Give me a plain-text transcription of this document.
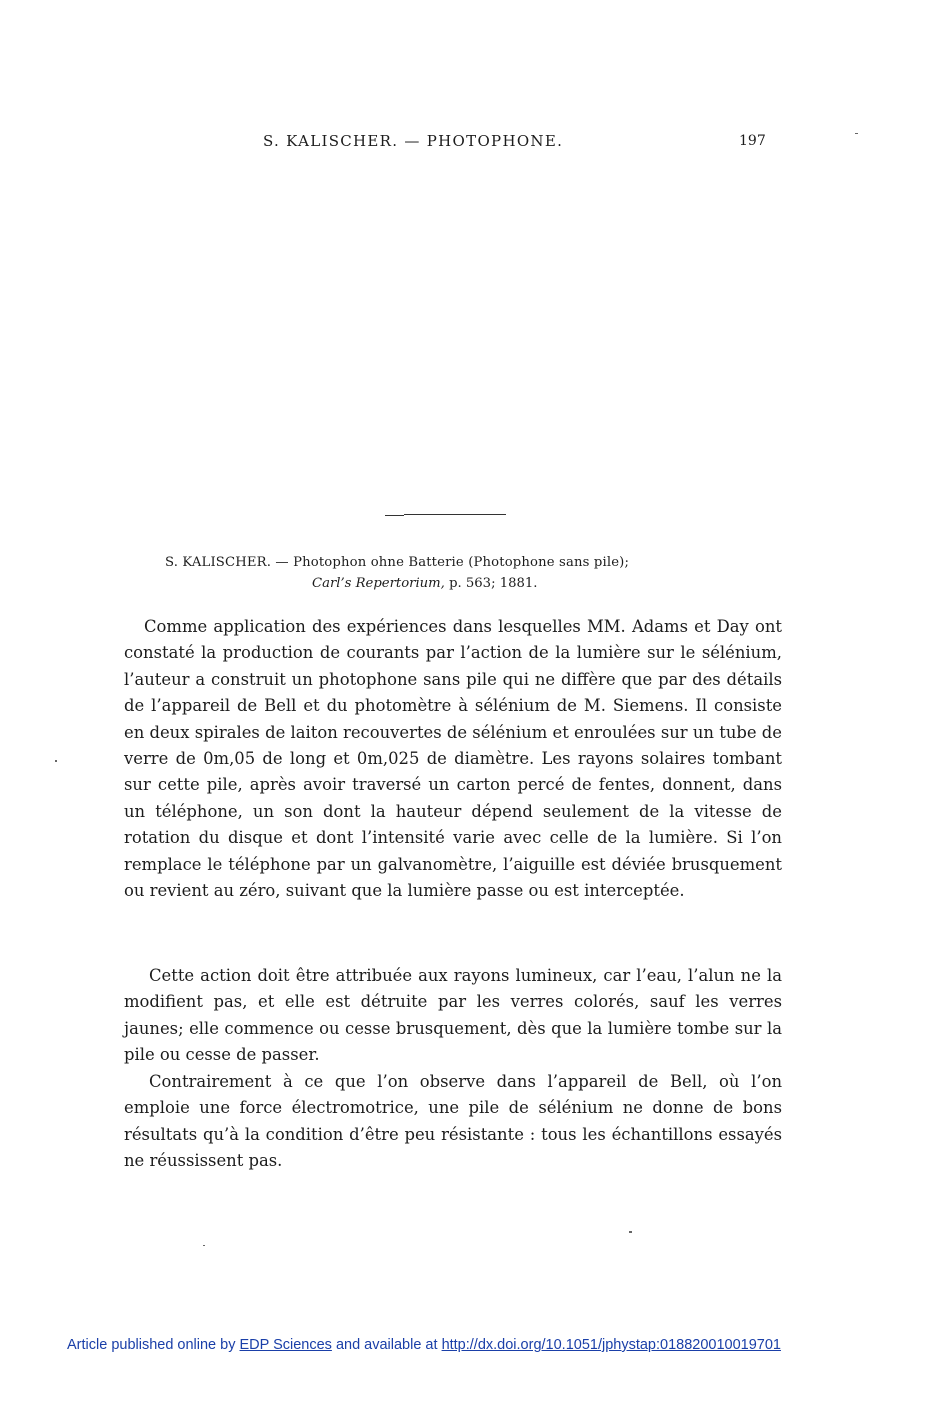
S. KALISCHER. — PHOTOPHONE.	197
S. KALISCHER. — Photophon ohne Batterie (Photophone sans pile);
Carl’s Repertorium, p. 563; 1881.

Comme application des expériences dans lesquelles MM. Adams et Day ont constaté la production de courants par l’action de la lumière sur le sélénium, l’auteur a construit un photophone sans pile qui ne diffère que par des détails de l’appareil de Bell et du photomètre à sélénium de M. Siemens. Il consiste en deux spirales de laiton recouvertes de sélénium et enroulées sur un tube de verre de 0m,05 de long et 0m,025 de diamètre. Les rayons solaires tombant sur cette pile, après avoir traversé un carton percé de fentes, donnent, dans un téléphone, un son dont la hauteur dépend seulement de la vitesse de rotation du disque et dont l’intensité varie avec celle de la lumière. Si l’on remplace le téléphone par un galvanomètre, l’aiguille est déviée brusquement ou revient au zéro, suivant que la lumière passe ou est interceptée.

Cette action doit être attribuée aux rayons lumineux, car l’eau, l’alun ne la modifient pas, et elle est détruite par les verres colorés, sauf les verres jaunes; elle commence ou cesse brusquement, dès que la lumière tombe sur la pile ou cesse de passer.

Contrairement à ce que l’on observe dans l’appareil de Bell, où l’on emploie une force électromotrice, une pile de sélénium ne donne de bons résultats qu’à la condition d’être peu résistante : tous les échantillons essayés ne réussissent pas.

Article published online by EDP Sciences and available at http://dx.doi.org/10.1051/jphystap:018820010019701
